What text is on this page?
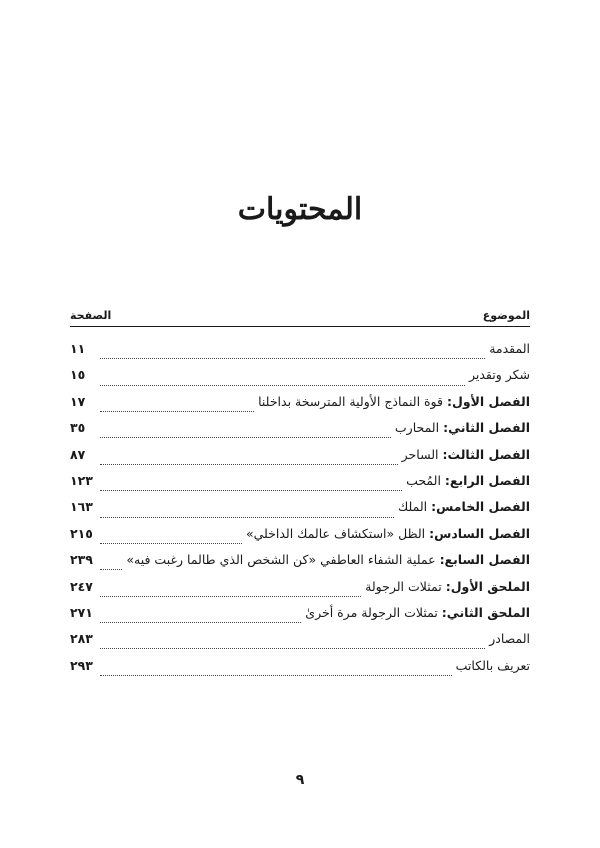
المحتويات
الموضوع
الصفحة
المقدمة
١١
شكر وتقدير
١٥
الفصل الأول: قوة النماذج الأولية المترسخة بداخلنا
١٧
الفصل الثاني: المحارب
٣٥
الفصل الثالث: الساحر
٨٧
الفصل الرابع: المُحب
١٢٣
الفصل الخامس: الملك
١٦٣
الفصل السادس: الظل «استكشاف عالمك الداخلي»
٢١٥
الفصل السابع: عملية الشفاء العاطفي «كن الشخص الذي طالما رغبت فيه»
٢٣٩
الملحق الأول: تمثلات الرجولة
٢٤٧
الملحق الثاني: تمثلات الرجولة مرة أخرىٰ
٢٧١
المصادر
٢٨٣
تعريف بالكاتب
٢٩٣
٩
